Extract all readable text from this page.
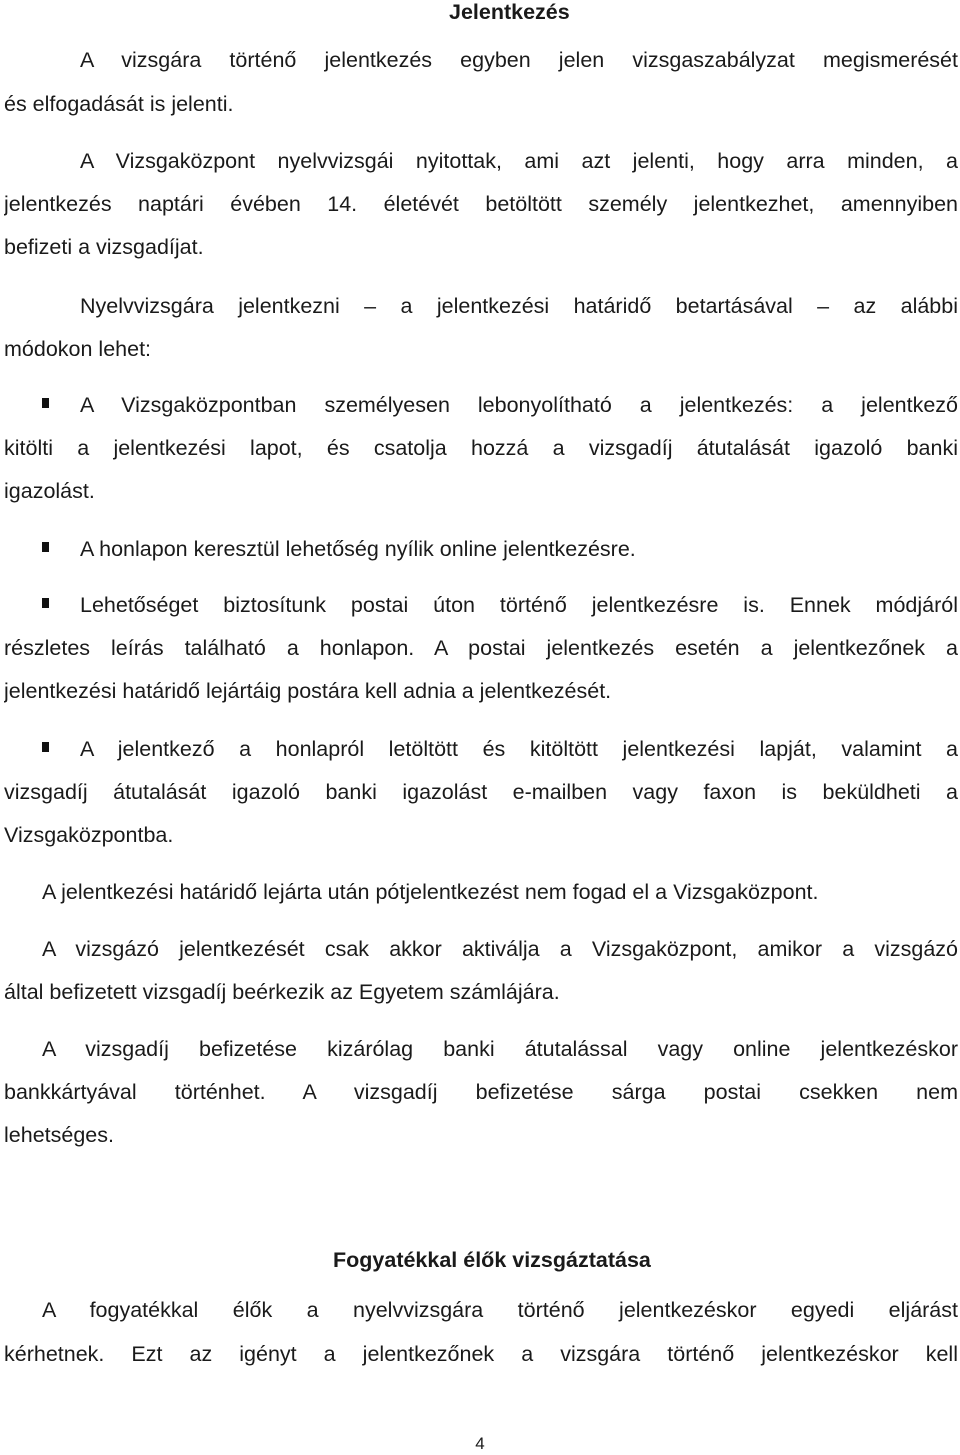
Jelentkezés
A vizsgára történő jelentkezés egyben jelen vizsgaszabályzat megismerését
és elfogadását is jelenti.
A Vizsgaközpont nyelvvizsgái nyitottak, ami azt jelenti, hogy arra minden, a
jelentkezés naptári évében 14. életévét betöltött személy jelentkezhet, amennyiben
befizeti a vizsgadíjat.
Nyelvvizsgára jelentkezni – a jelentkezési határidő betartásával – az alábbi
módokon lehet:
A Vizsgaközpontban személyesen lebonyolítható a jelentkezés: a jelentkező
kitölti a jelentkezési lapot, és csatolja hozzá a vizsgadíj átutalását igazoló banki
igazolást.
A honlapon keresztül lehetőség nyílik online jelentkezésre.
Lehetőséget biztosítunk postai úton történő jelentkezésre is. Ennek módjáról
részletes leírás található a honlapon. A postai jelentkezés esetén a jelentkezőnek a
jelentkezési határidő lejártáig postára kell adnia a jelentkezését.
A jelentkező a honlapról letöltött és kitöltött jelentkezési lapját, valamint a
vizsgadíj átutalását igazoló banki igazolást e-mailben vagy faxon is beküldheti a
Vizsgaközpontba.
A jelentkezési határidő lejárta után pótjelentkezést nem fogad el a Vizsgaközpont.
A vizsgázó jelentkezését csak akkor aktiválja a Vizsgaközpont, amikor a vizsgázó
által befizetett vizsgadíj beérkezik az Egyetem számlájára.
A vizsgadíj befizetése kizárólag banki átutalással vagy online jelentkezéskor
bankkártyával történhet. A vizsgadíj befizetése sárga postai csekken nem
lehetséges.
Fogyatékkal élők vizsgáztatása
A fogyatékkal élők a nyelvvizsgára történő jelentkezéskor egyedi eljárást
kérhetnek. Ezt az igényt a jelentkezőnek a vizsgára történő jelentkezéskor kell
4
